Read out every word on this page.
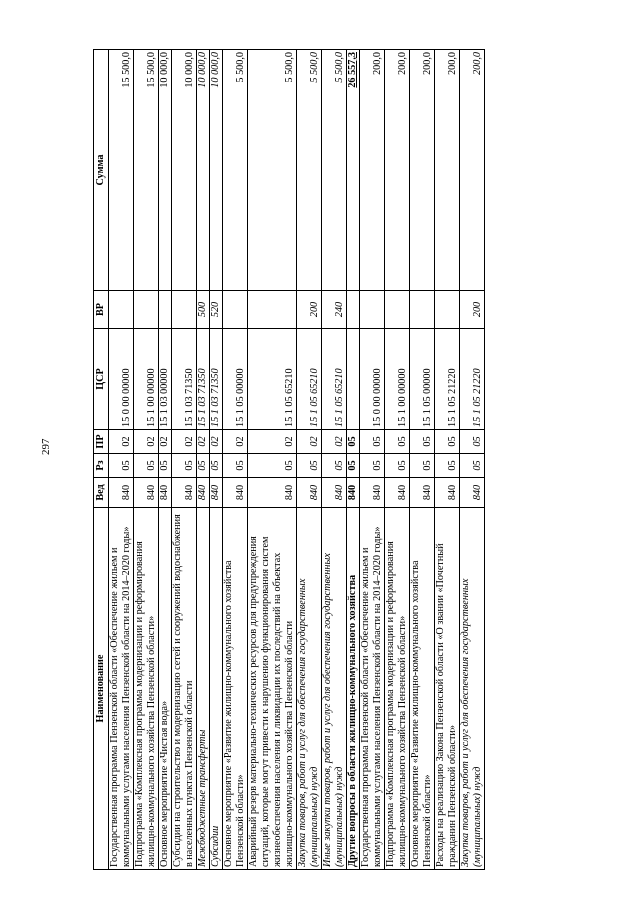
297
Наименование	Вед	Рз	ПР	ЦСР	ВР	Сумма
Государственная программа Пензенской области «Обеспечение жильем и коммунальными услугами населения Пензенской области на 2014–2020 годы»	840	05	02	15 0 00 00000		15 500,0
Подпрограмма «Комплексная программа модернизации и реформирования жилищно-коммунального хозяйства Пензенской области»	840	05	02	15 1 00 00000		15 500,0
Основное мероприятие «Чистая вода»	840	05	02	15 1 03 00000		10 000,0
Субсидии на строительство и модернизацию сетей и сооружений водоснабжения в населенных пунктах Пензенской области	840	05	02	15 1 03 71350		10 000,0
Межбюджетные трансферты	840	05	02	15 1 03 71350	500	10 000,0
Субсидии	840	05	02	15 1 03 71350	520	10 000,0
Основное мероприятие «Развитие жилищно-коммунального хозяйства Пензенской области»	840	05	02	15 1 05 00000		5 500,0
Аварийный резерв материально-технических ресурсов для предупреждения ситуаций, которые могут привести к нарушению функционирования систем жизнеобеспечения населения и ликвидации их последствий на объектах жилищно-коммунального хозяйства Пензенской области	840	05	02	15 1 05 65210		5 500,0
Закупка товаров, работ и услуг для обеспечения государственных (муниципальных) нужд	840	05	02	15 1 05 65210	200	5 500,0
Иные закупки товаров, работ и услуг для обеспечения государственных (муниципальных) нужд	840	05	02	15 1 05 65210	240	5 500,0
Другие вопросы в области жилищно-коммунального хозяйства	840	05	05			26 557,3
Государственная программа Пензенской области «Обеспечение жильем и коммунальными услугами населения Пензенской области на 2014–2020 годы»	840	05	05	15 0 00 00000		200,0
Подпрограмма «Комплексная программа модернизации и реформирования жилищно-коммунального хозяйства Пензенской области»	840	05	05	15 1 00 00000		200,0
Основное мероприятие «Развитие жилищно-коммунального хозяйства Пензенской области»	840	05	05	15 1 05 00000		200,0
Расходы на реализацию Закона Пензенской области «О звании «Почетный гражданин Пензенской области»	840	05	05	15 1 05 21220		200,0
Закупка товаров, работ и услуг для обеспечения государственных (муниципальных) нужд	840	05	05	15 1 05 21220	200	200,0
